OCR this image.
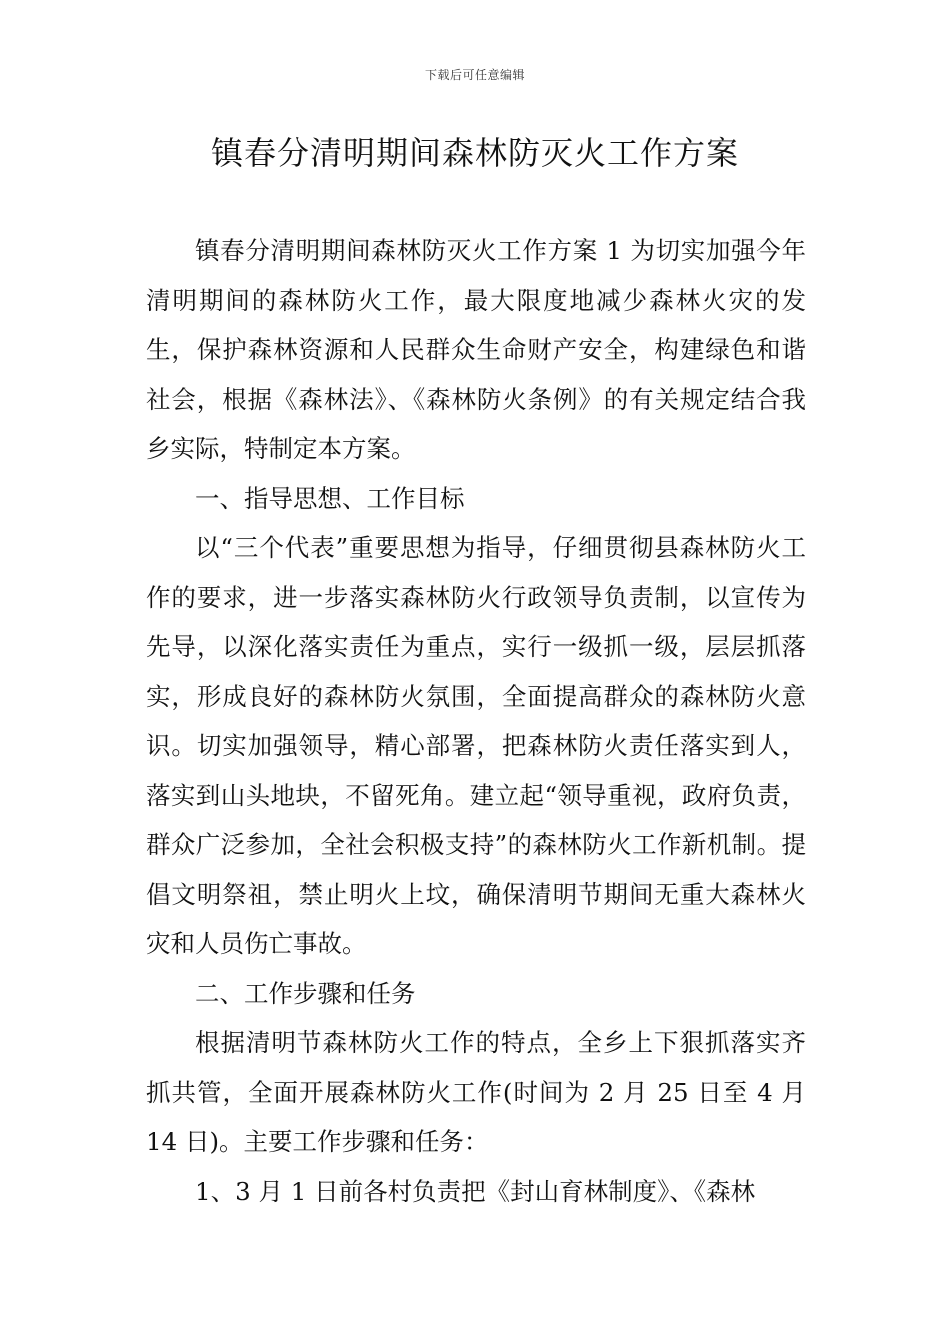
下载后可任意编辑
镇春分清明期间森林防灭火工作方案

镇春分清明期间森林防灭火工作方案 1 为切实加强今年清明期间的森林防火工作，最大限度地减少森林火灾的发生，保护森林资源和人民群众生命财产安全，构建绿色和谐社会，根据《森林法》、《森林防火条例》的有关规定结合我乡实际，特制定本方案。

一、指导思想、工作目标

以“三个代表”重要思想为指导，仔细贯彻县森林防火工作的要求，进一步落实森林防火行政领导负责制，以宣传为先导，以深化落实责任为重点，实行一级抓一级，层层抓落实，形成良好的森林防火氛围，全面提高群众的森林防火意识。切实加强领导，精心部署，把森林防火责任落实到人，落实到山头地块，不留死角。建立起“领导重视，政府负责，群众广泛参加，全社会积极支持”的森林防火工作新机制。提倡文明祭祖，禁止明火上坟，确保清明节期间无重大森林火灾和人员伤亡事故。

二、工作步骤和任务

根据清明节森林防火工作的特点，全乡上下狠抓落实齐抓共管，全面开展森林防火工作(时间为 2 月 25 日至 4 月 14 日)。主要工作步骤和任务：

1、3 月 1 日前各村负责把《封山育林制度》、《森林
